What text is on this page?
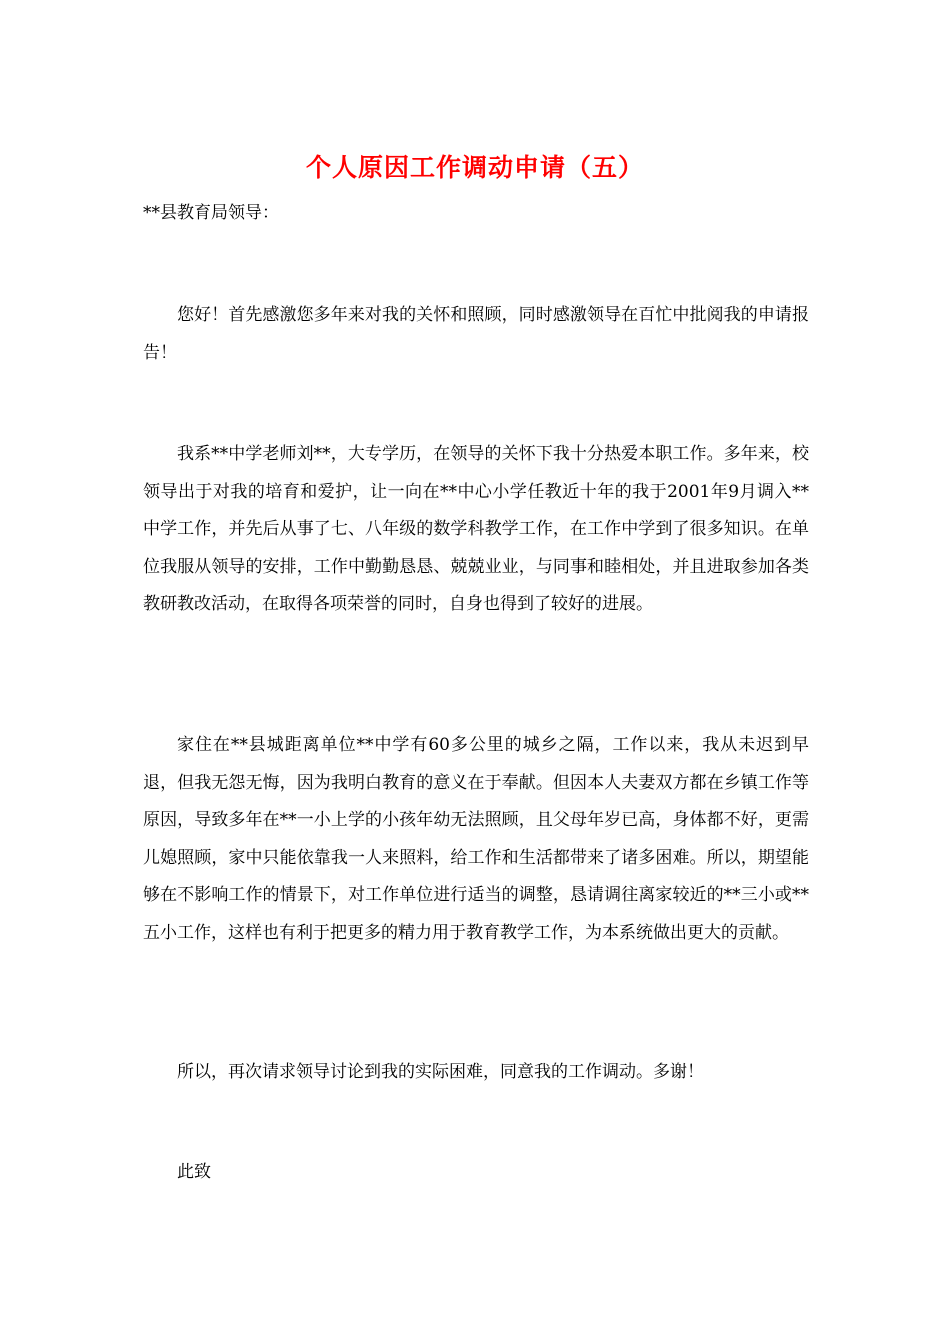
个人原因工作调动申请（五）
**县教育局领导：

您好！首先感激您多年来对我的关怀和照顾，同时感激领导在百忙中批阅我的申请报告！

我系**中学老师刘**，大专学历，在领导的关怀下我十分热爱本职工作。多年来，校领导出于对我的培育和爱护，让一向在**中心小学任教近十年的我于2001年9月调入**中学工作，并先后从事了七、八年级的数学科教学工作，在工作中学到了很多知识。在单位我服从领导的安排，工作中勤勤恳恳、兢兢业业，与同事和睦相处，并且进取参加各类教研教改活动，在取得各项荣誉的同时，自身也得到了较好的进展。

家住在**县城距离单位**中学有60多公里的城乡之隔，工作以来，我从未迟到早退，但我无怨无悔，因为我明白教育的意义在于奉献。但因本人夫妻双方都在乡镇工作等原因，导致多年在**一小上学的小孩年幼无法照顾，且父母年岁已高，身体都不好，更需儿媳照顾，家中只能依靠我一人来照料，给工作和生活都带来了诸多困难。所以，期望能够在不影响工作的情景下，对工作单位进行适当的调整，恳请调往离家较近的**三小或**五小工作，这样也有利于把更多的精力用于教育教学工作，为本系统做出更大的贡献。

所以，再次请求领导讨论到我的实际困难，同意我的工作调动。多谢！

此致
